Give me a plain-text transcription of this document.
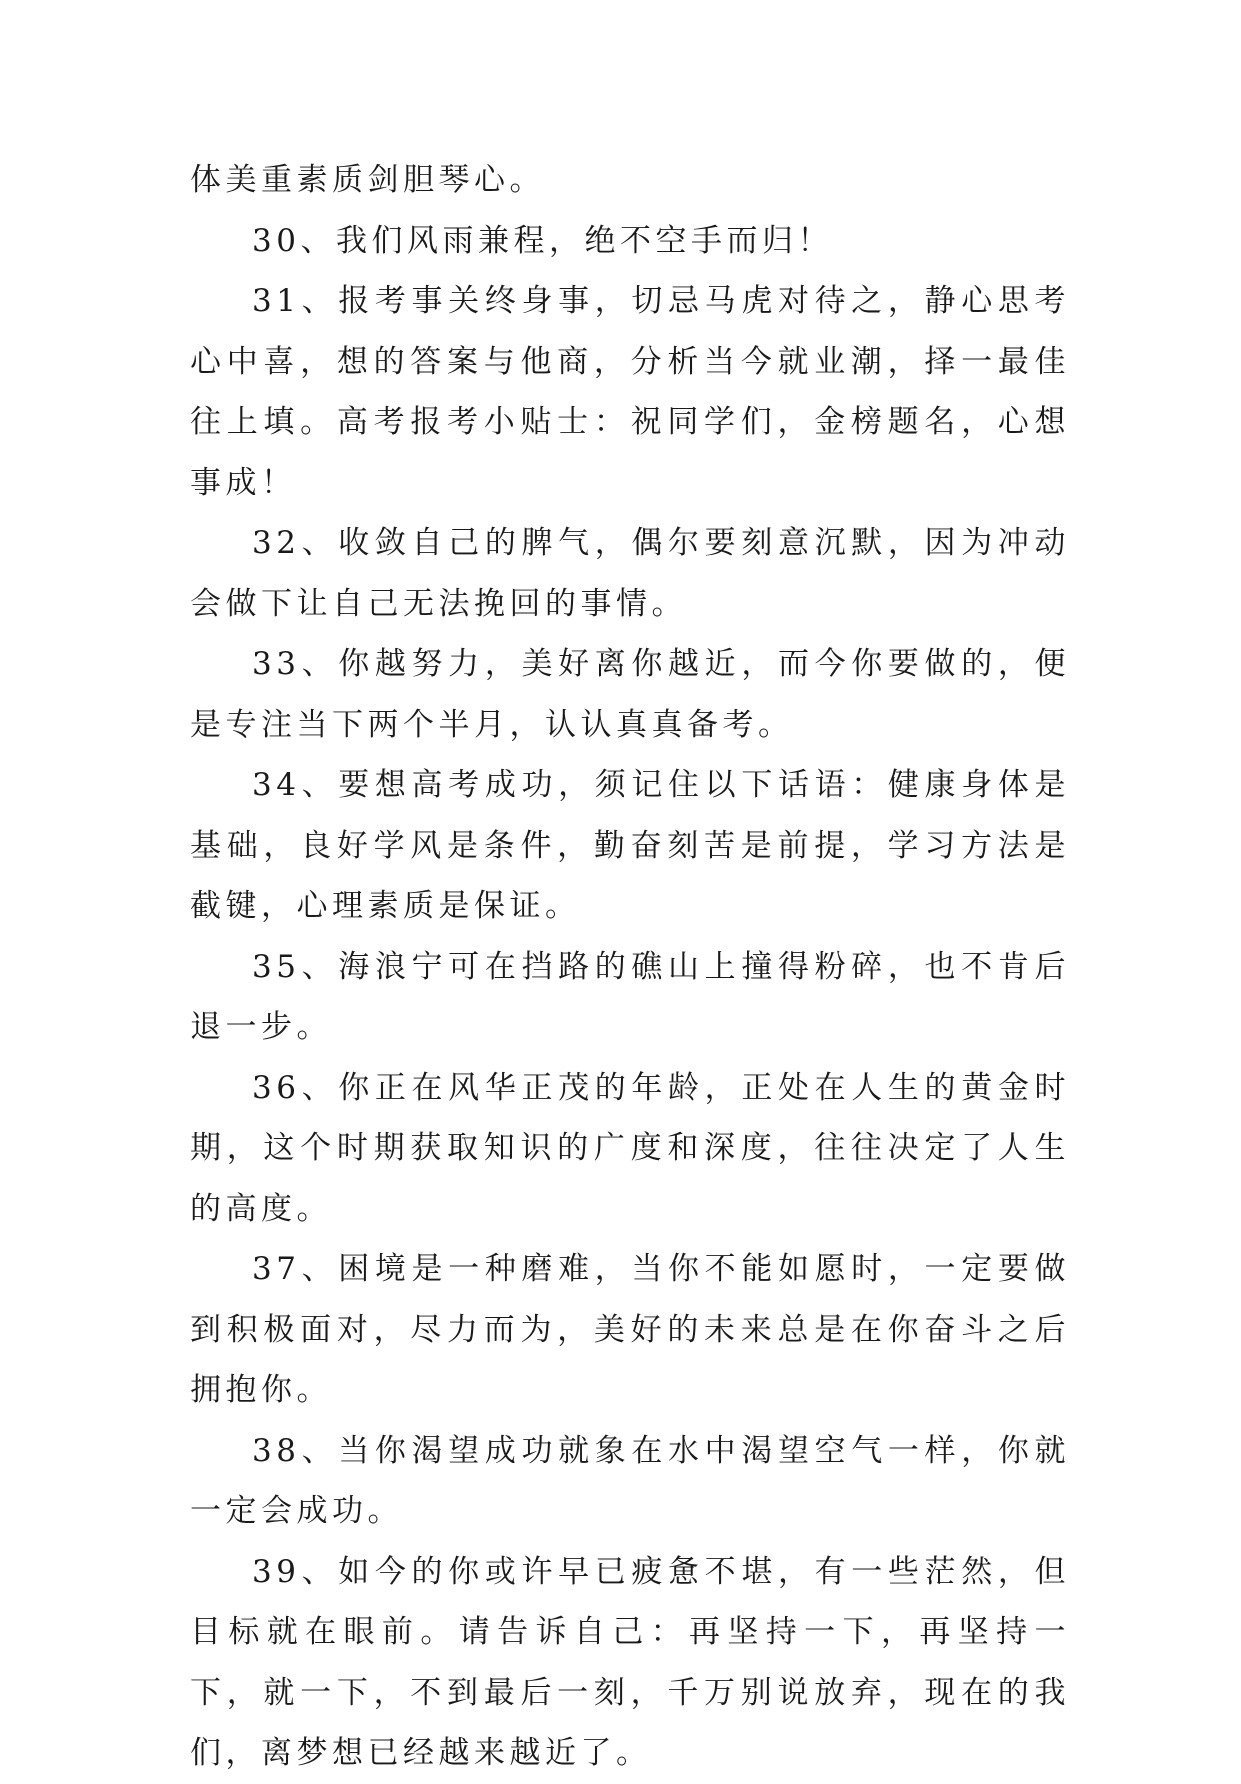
体美重素质剑胆琴心。

30、我们风雨兼程，绝不空手而归！

31、报考事关终身事，切忌马虎对待之，静心思考心中喜，想的答案与他商，分析当今就业潮，择一最佳往上填。高考报考小贴士：祝同学们，金榜题名，心想事成！

32、收敛自己的脾气，偶尔要刻意沉默，因为冲动会做下让自己无法挽回的事情。

33、你越努力，美好离你越近，而今你要做的，便是专注当下两个半月，认认真真备考。

34、要想高考成功，须记住以下话语：健康身体是基础，良好学风是条件，勤奋刻苦是前提，学习方法是截键，心理素质是保证。

35、海浪宁可在挡路的礁山上撞得粉碎，也不肯后退一步。

36、你正在风华正茂的年龄，正处在人生的黄金时期，这个时期获取知识的广度和深度，往往决定了人生的高度。

37、困境是一种磨难，当你不能如愿时，一定要做到积极面对，尽力而为，美好的未来总是在你奋斗之后拥抱你。

38、当你渴望成功就象在水中渴望空气一样，你就一定会成功。

39、如今的你或许早已疲惫不堪，有一些茫然，但目标就在眼前。请告诉自己：再坚持一下，再坚持一下，就一下，不到最后一刻，千万别说放弃，现在的我们，离梦想已经越来越近了。
